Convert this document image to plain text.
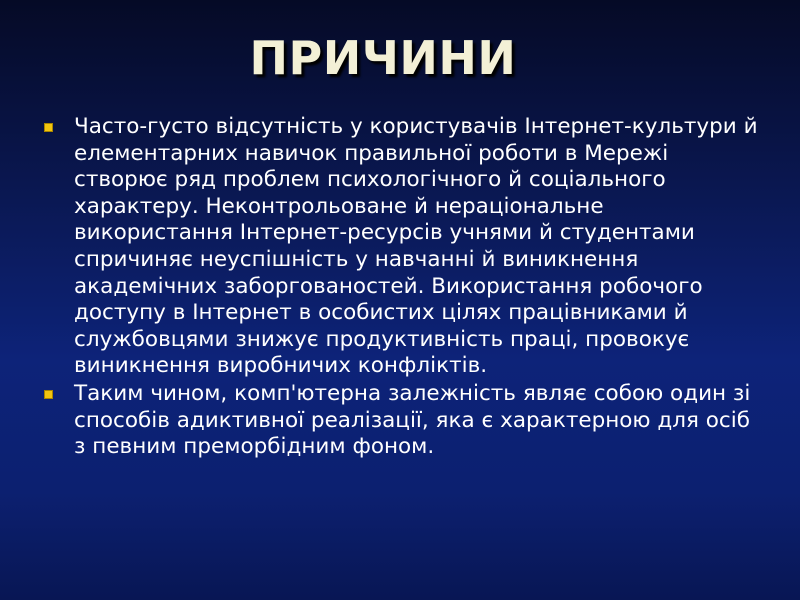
ПРИЧИНИ
Часто-густо відсутність у користувачів Інтернет-культури й елементарних навичок правильної роботи в Мережі створює ряд проблем психологічного й соціального характеру. Неконтрольоване й нераціональне використання Інтернет-ресурсів учнями й студентами спричиняє неуспішність у навчанні й виникнення академічних заборгованостей. Використання робочого доступу в Інтернет в особистих цілях працівниками й службовцями знижує продуктивність праці, провокує виникнення виробничих конфліктів.
Таким чином, комп'ютерна залежність являє собою один зі способів адиктивної реалізації, яка є характерною для осіб з певним преморбідним фоном.
